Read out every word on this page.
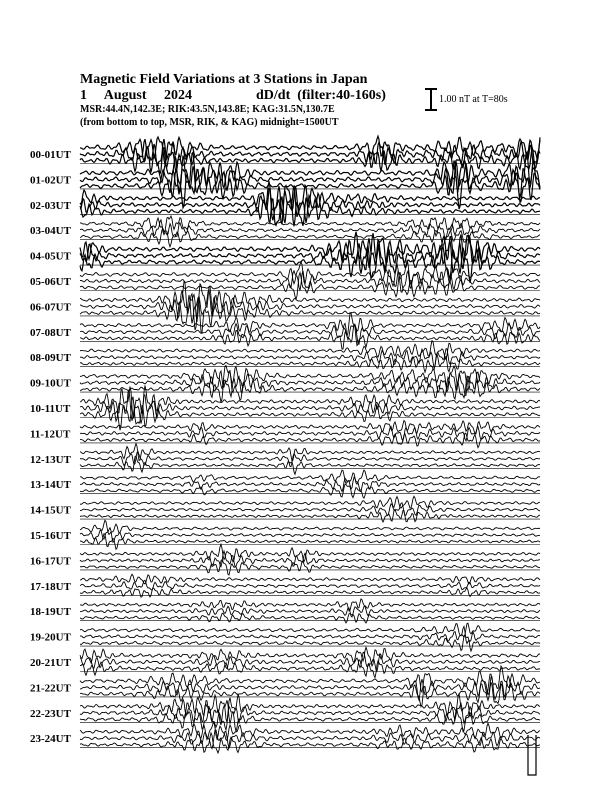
Magnetic Field Variations at 3 Stations in Japan
1 August 2024	dD/dt (filter:40-160s)
MSR:44.4N,142.3E; RIK:43.5N,143.8E; KAG:31.5N,130.7E
(from bottom to top, MSR, RIK, & KAG) midnight=1500UT
1.00 nT at T=80s
00-01UT
01-02UT
02-03UT
03-04UT
04-05UT
05-06UT
06-07UT
07-08UT
08-09UT
09-10UT
10-11UT
11-12UT
12-13UT
13-14UT
14-15UT
15-16UT
16-17UT
17-18UT
18-19UT
19-20UT
20-21UT
21-22UT
22-23UT
23-24UT
